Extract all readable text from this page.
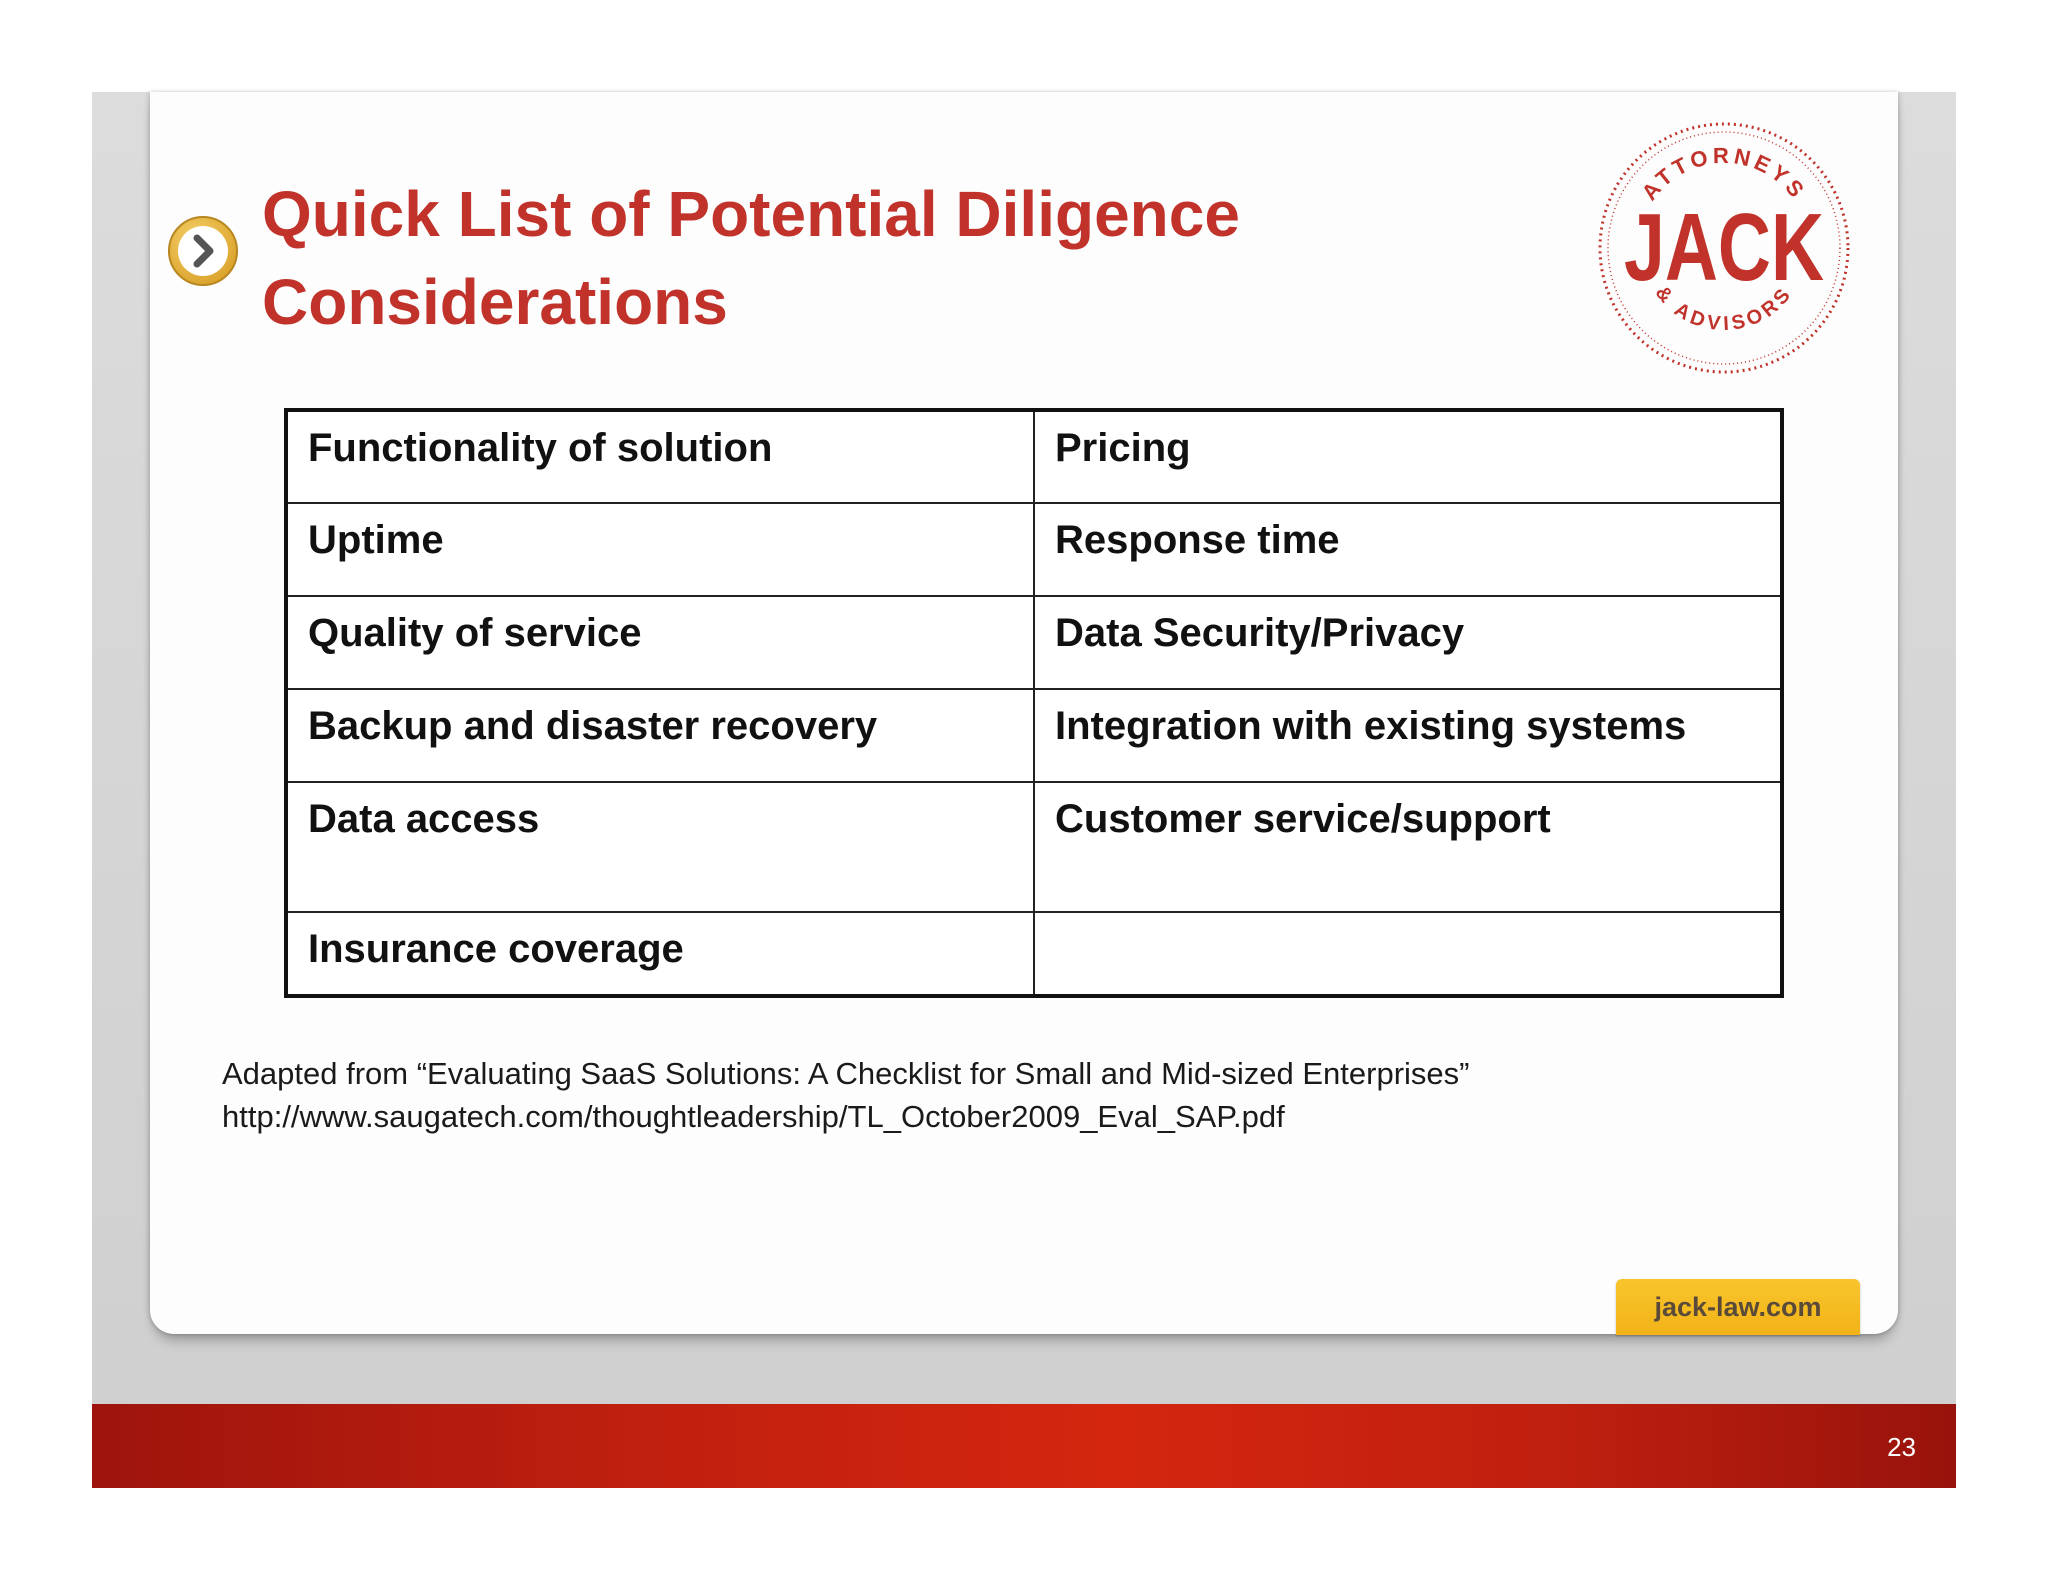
23
Quick List of Potential Diligence Considerations
ATTORNEYS
JACK
& ADVISORS
Functionality of solution	Pricing
Uptime	Response time
Quality of service	Data Security/Privacy
Backup and disaster recovery	Integration with existing systems
Data access	Customer service/support
Insurance coverage	
Adapted from “Evaluating SaaS Solutions: A Checklist for Small and Mid-sized Enterprises”
http://www.saugatech.com/thoughtleadership/TL_October2009_Eval_SAP.pdf
jack-law.com
